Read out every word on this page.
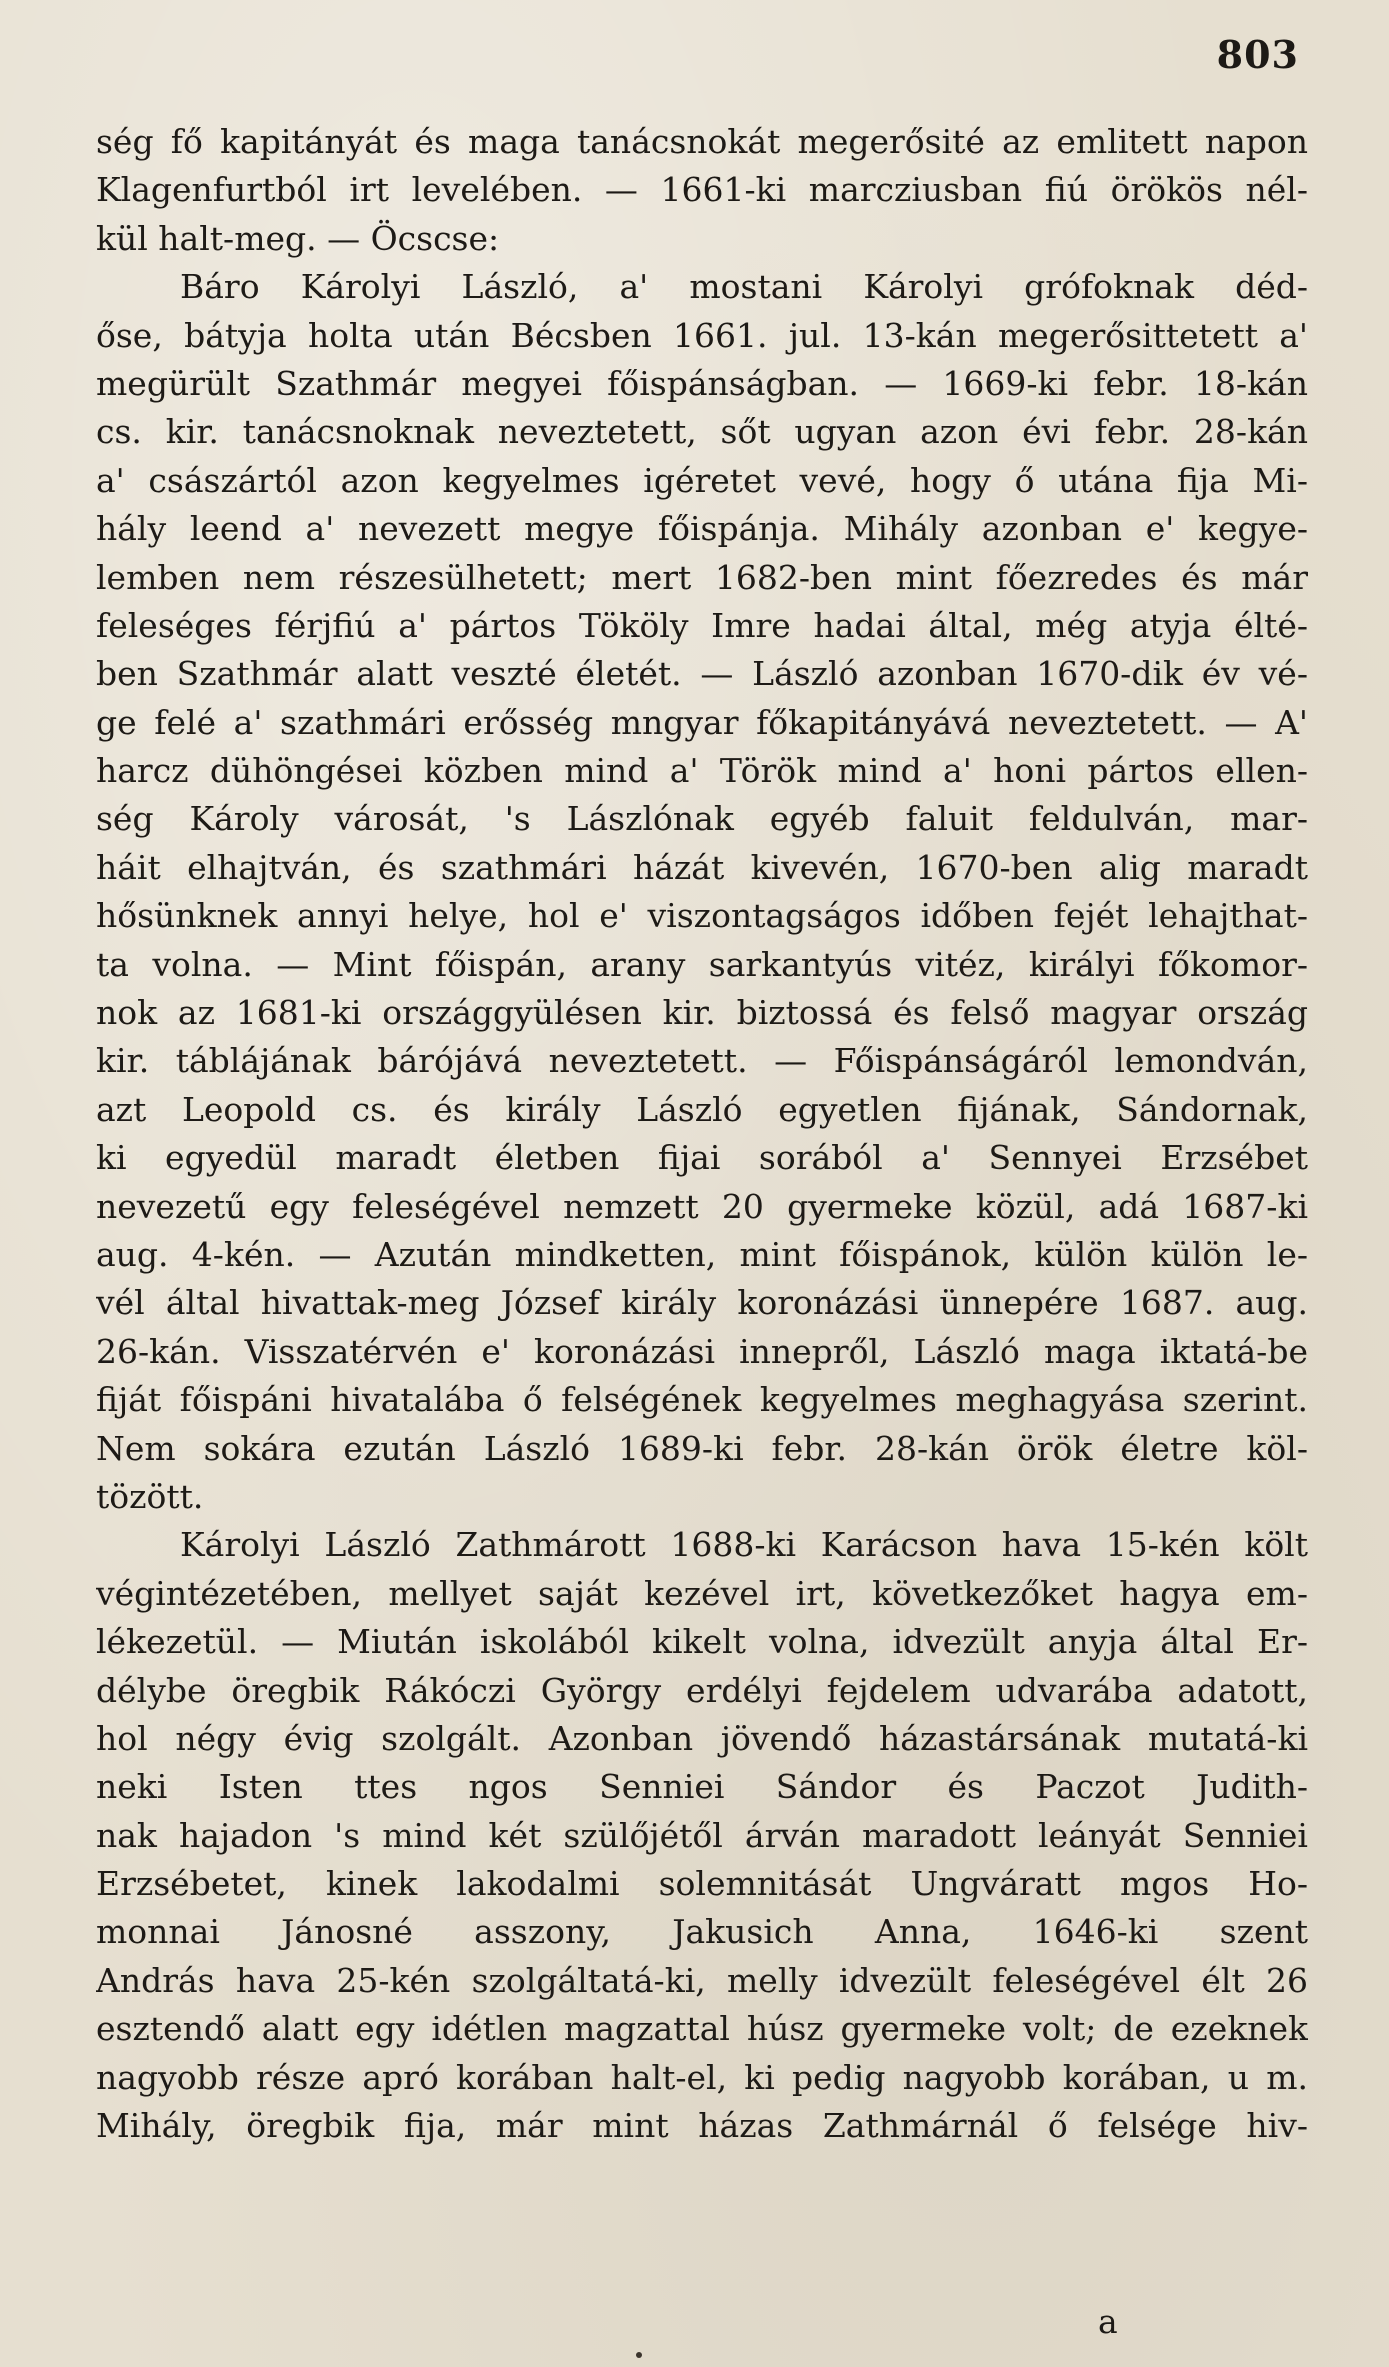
803
ség fő kapitányát és maga tanácsnokát megerősité az emlitett napon
Klagenfurtból irt levelében. — 1661-ki marcziusban fiú örökös nél-
kül halt-meg. — Öcscse:
Báro Károlyi László, a' mostani Károlyi grófoknak déd-
őse, bátyja holta után Bécsben 1661. jul. 13-kán megerősittetett a'
megürült Szathmár megyei főispánságban. — 1669-ki febr. 18-kán
cs. kir. tanácsnoknak neveztetett, sőt ugyan azon évi febr. 28-kán
a' császártól azon kegyelmes igéretet vevé, hogy ő utána fija Mi-
hály leend a' nevezett megye főispánja. Mihály azonban e' kegye-
lemben nem részesülhetett; mert 1682-ben mint főezredes és már
feleséges férjfiú a' pártos Tököly Imre hadai által, még atyja élté-
ben Szathmár alatt veszté életét. — László azonban 1670-dik év vé-
ge felé a' szathmári erősség mngyar főkapitányává neveztetett. — A'
harcz dühöngései közben mind a' Török mind a' honi pártos ellen-
ség Károly városát, 's Lászlónak egyéb faluit feldulván, mar-
háit elhajtván, és szathmári házát kivevén, 1670-ben alig maradt
hősünknek annyi helye, hol e' viszontagságos időben fejét lehajthat-
ta volna. — Mint főispán, arany sarkantyús vitéz, királyi főkomor-
nok az 1681-ki országgyülésen kir. biztossá és felső magyar ország
kir. táblájának bárójává neveztetett. — Főispánságáról lemondván,
azt Leopold cs. és király László egyetlen fijának, Sándornak,
ki egyedül maradt életben fijai sorából a' Sennyei Erzsébet
nevezetű egy feleségével nemzett 20 gyermeke közül, adá 1687-ki
aug. 4-kén. — Azután mindketten, mint főispánok, külön külön le-
vél által hivattak-meg József király koronázási ünnepére 1687. aug.
26-kán. Visszatérvén e' koronázási innepről, László maga iktatá-be
fiját főispáni hivatalába ő felségének kegyelmes meghagyása szerint.
Nem sokára ezután László 1689-ki febr. 28-kán örök életre köl-
tözött.
Károlyi László Zathmárott 1688-ki Karácson hava 15-kén költ
végintézetében, mellyet saját kezével irt, következőket hagya em-
lékezetül. — Miután iskolából kikelt volna, idvezült anyja által Er-
délybe öregbik Rákóczi György erdélyi fejdelem udvarába adatott,
hol négy évig szolgált. Azonban jövendő házastársának mutatá-ki
neki Isten ttes ngos Senniei Sándor és Paczot Judith-
nak hajadon 's mind két szülőjétől árván maradott leányát Senniei
Erzsébetet, kinek lakodalmi solemnitását Ungváratt mgos Ho-
monnai Jánosné asszony, Jakusich Anna, 1646-ki szent
András hava 25-kén szolgáltatá-ki, melly idvezült feleségével élt 26
esztendő alatt egy idétlen magzattal húsz gyermeke volt; de ezeknek
nagyobb része apró korában halt-el, ki pedig nagyobb korában, u m.
Mihály, öregbik fija, már mint házas Zathmárnál ő felsége hiv-
a
